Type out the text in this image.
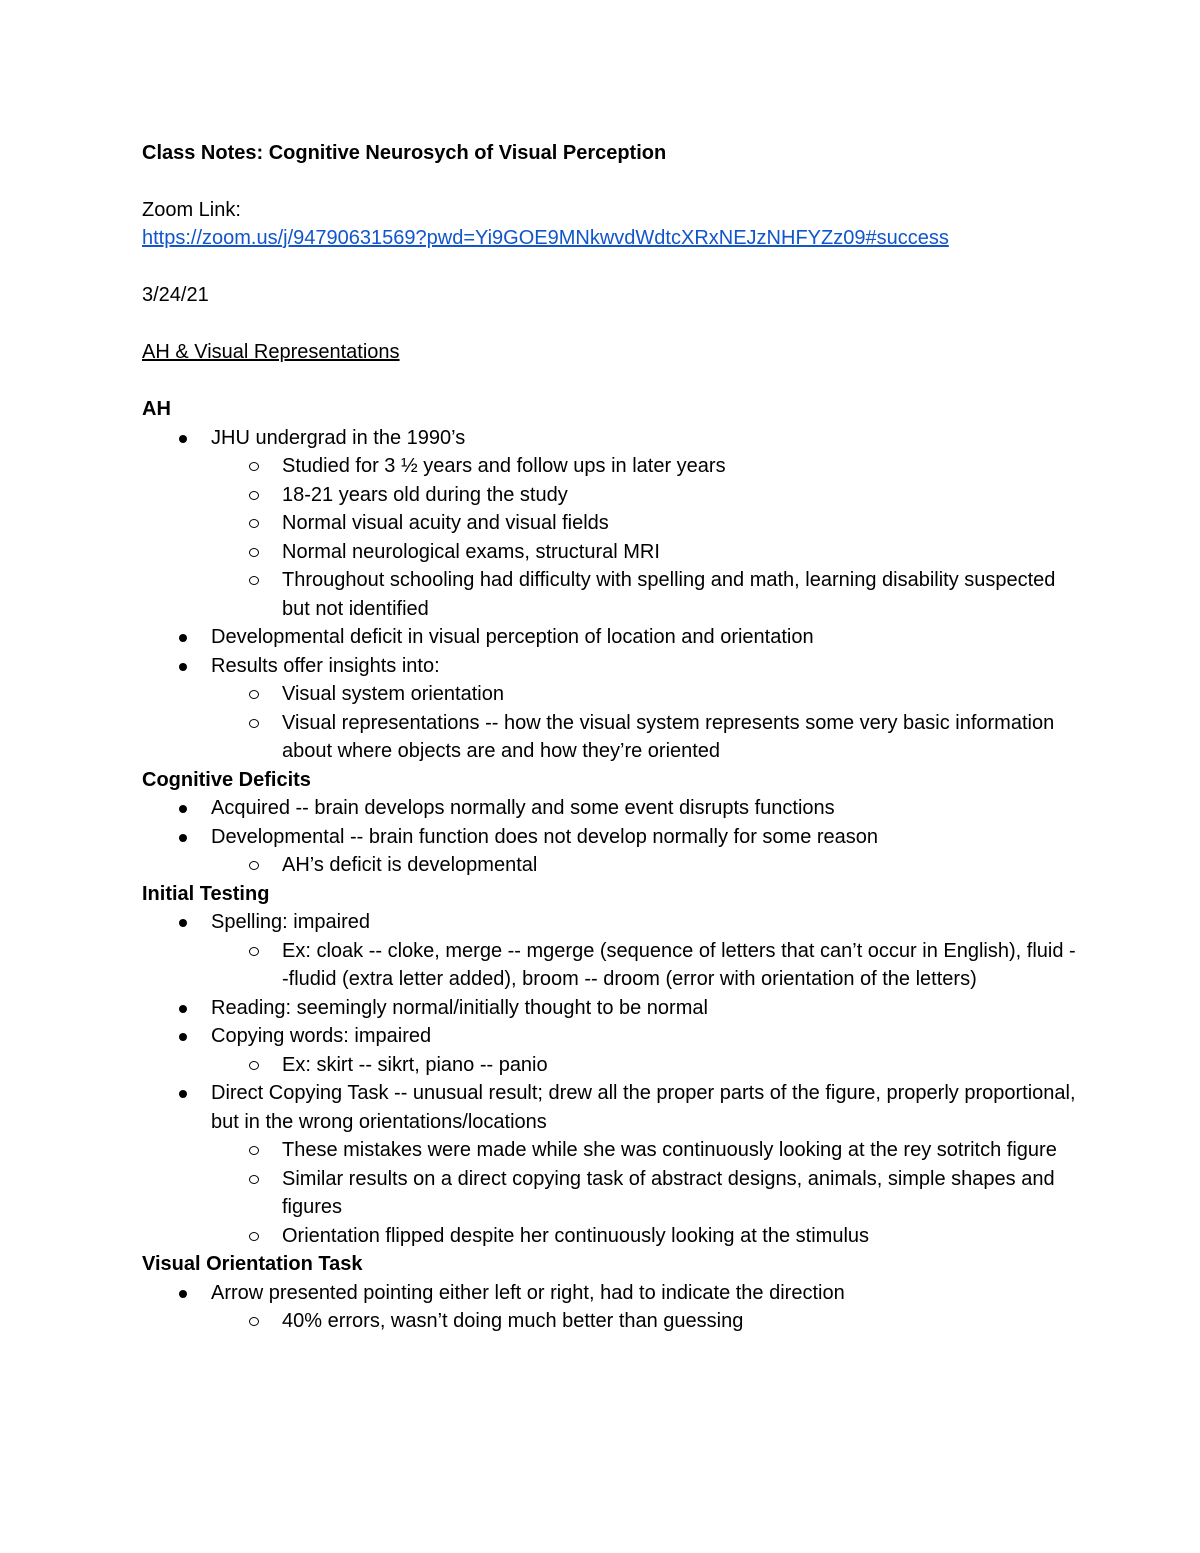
Class Notes: Cognitive Neurosych of Visual Perception

Zoom Link:

https://zoom.us/j/94790631569?pwd=Yi9GOE9MNkwvdWdtcXRxNEJzNHFYZz09#success

3/24/21

AH & Visual Representations

AH

JHU undergrad in the 1990’s
Studied for 3 ½ years and follow ups in later years
18-21 years old during the study
Normal visual acuity and visual fields
Normal neurological exams, structural MRI
Throughout schooling had difficulty with spelling and math, learning disability suspected but not identified
Developmental deficit in visual perception of location and orientation
Results offer insights into:
Visual system orientation
Visual representations -- how the visual system represents some very basic information about where objects are and how they’re oriented

Cognitive Deficits

Acquired -- brain develops normally and some event disrupts functions
Developmental -- brain function does not develop normally for some reason
AH’s deficit is developmental

Initial Testing

Spelling: impaired
Ex: cloak -- cloke, merge -- mgerge (sequence of letters that can’t occur in English), fluid --fludid (extra letter added), broom -- droom (error with orientation of the letters)
Reading: seemingly normal/initially thought to be normal
Copying words: impaired
Ex: skirt -- sikrt, piano -- panio
Direct Copying Task -- unusual result; drew all the proper parts of the figure, properly proportional, but in the wrong orientations/locations
These mistakes were made while she was continuously looking at the rey sotritch figure
Similar results on a direct copying task of abstract designs, animals, simple shapes and figures
Orientation flipped despite her continuously looking at the stimulus

Visual Orientation Task

Arrow presented pointing either left or right, had to indicate the direction
40% errors, wasn’t doing much better than guessing
